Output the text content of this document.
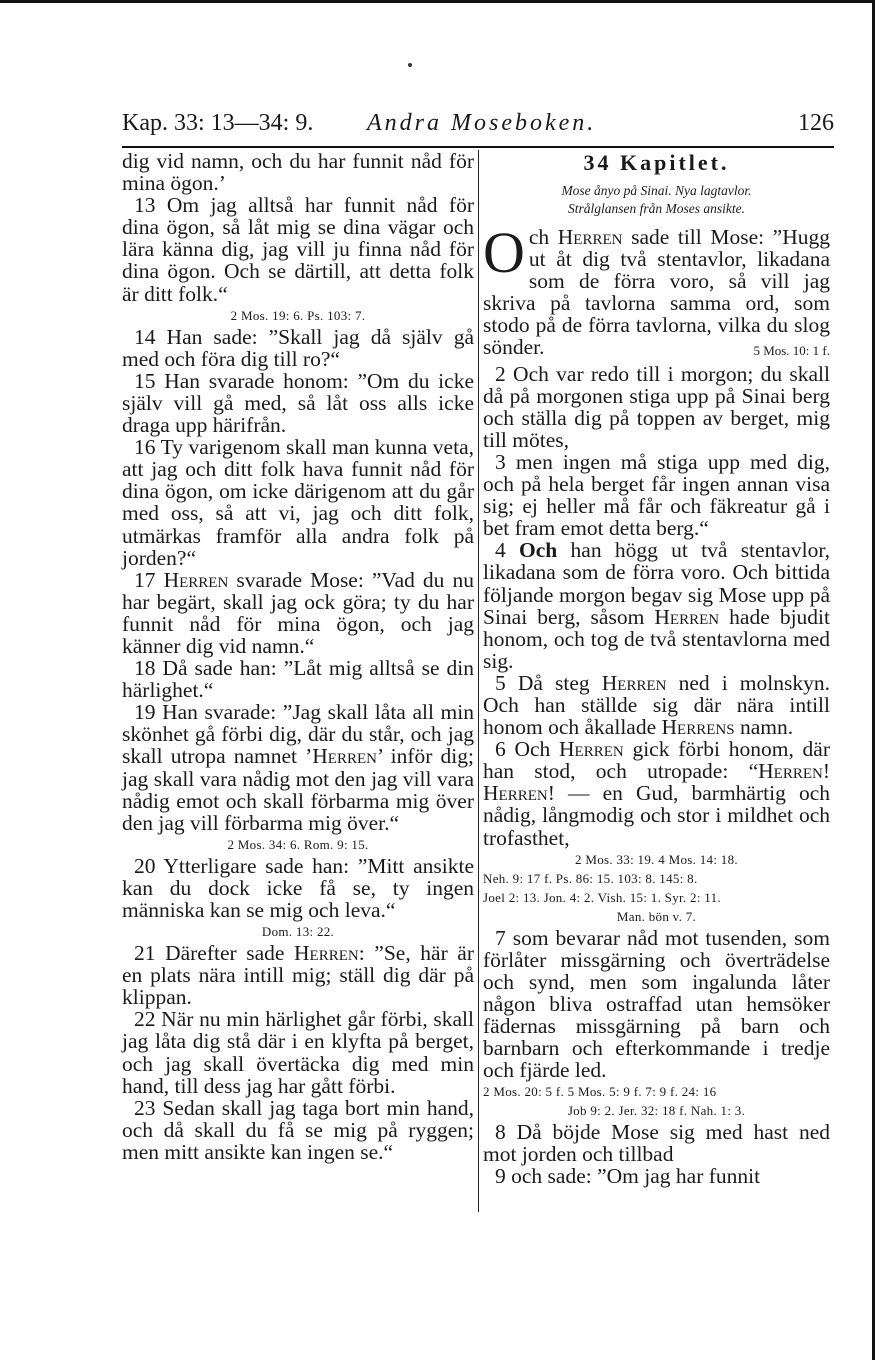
Kap. 33: 13—34: 9. Andra Moseboken.	126

dig vid namn, och du har funnit nåd för mina ögon.’

13 Om jag alltså har funnit nåd för dina ögon, så låt mig se dina vägar och lära känna dig, jag vill ju finna nåd för dina ögon. Och se därtill, att detta folk är ditt folk.“

2 Mos. 19: 6. Ps. 103: 7.

14 Han sade: ”Skall jag då själv gå med och föra dig till ro?“

15 Han svarade honom: ”Om du icke själv vill gå med, så låt oss alls icke draga upp härifrån.

16 Ty varigenom skall man kunna veta, att jag och ditt folk hava funnit nåd för dina ögon, om icke därigenom att du går med oss, så att vi, jag och ditt folk, utmärkas framför alla andra folk på jorden?“

17 Herren svarade Mose: ”Vad du nu har begärt, skall jag ock göra; ty du har funnit nåd för mina ögon, och jag känner dig vid namn.“

18 Då sade han: ”Låt mig alltså se din härlighet.“

19 Han svarade: ”Jag skall låta all min skönhet gå förbi dig, där du står, och jag skall utropa namnet ’Herren’ inför dig; jag skall vara nådig mot den jag vill vara nådig emot och skall förbarma mig över den jag vill förbarma mig över.“

2 Mos. 34: 6. Rom. 9: 15.

20 Ytterligare sade han: ”Mitt ansikte kan du dock icke få se, ty ingen människa kan se mig och leva.“

Dom. 13: 22.

21 Därefter sade Herren: ”Se, här är en plats nära intill mig; ställ dig där på klippan.

22 När nu min härlighet går förbi, skall jag låta dig stå där i en klyfta på berget, och jag skall övertäcka dig med min hand, till dess jag har gått förbi.

23 Sedan skall jag taga bort min hand, och då skall du få se mig på ryggen; men mitt ansikte kan ingen se.“

34 Kapitlet.

Mose ånyo på Sinai. Nya lagtavlor.
Strålglansen från Moses ansikte.

Och Herren sade till Mose: ”Hugg ut åt dig två stentavlor, likadana som de förra voro, så vill jag skriva på tavlorna samma ord, som stodo på de förra tavlorna, vilka du slog sönder.	5 Mos. 10: 1 f.

2 Och var redo till i morgon; du skall då på morgonen stiga upp på Sinai berg och ställa dig på toppen av berget, mig till mötes,

3 men ingen må stiga upp med dig, och på hela berget får ingen annan visa sig; ej heller må får och fäkreatur gå i bet fram emot detta berg.“

4 Och han högg ut två stentavlor, likadana som de förra voro. Och bittida följande morgon begav sig Mose upp på Sinai berg, såsom Herren hade bjudit honom, och tog de två stentavlorna med sig.

5 Då steg Herren ned i molnskyn. Och han ställde sig där nära intill honom och åkallade Herrens namn.

6 Och Herren gick förbi honom, där han stod, och utropade: “Herren! Herren! — en Gud, barmhärtig och nådig, långmodig och stor i mildhet och trofasthet,

2 Mos. 33: 19. 4 Mos. 14: 18.

Neh. 9: 17 f. Ps. 86: 15. 103: 8. 145: 8.

Joel 2: 13. Jon. 4: 2. Vish. 15: 1. Syr. 2: 11.

Man. bön v. 7.

7 som bevarar nåd mot tusenden, som förlåter missgärning och överträdelse och synd, men som ingalunda låter någon bliva ostraffad utan hemsöker fädernas missgärning på barn och barnbarn och efterkommande i tredje och fjärde led.

2 Mos. 20: 5 f. 5 Mos. 5: 9 f. 7: 9 f. 24: 16

Job 9: 2. Jer. 32: 18 f. Nah. 1: 3.

8 Då böjde Mose sig med hast ned mot jorden och tillbad

9 och sade: ”Om jag har funnit
